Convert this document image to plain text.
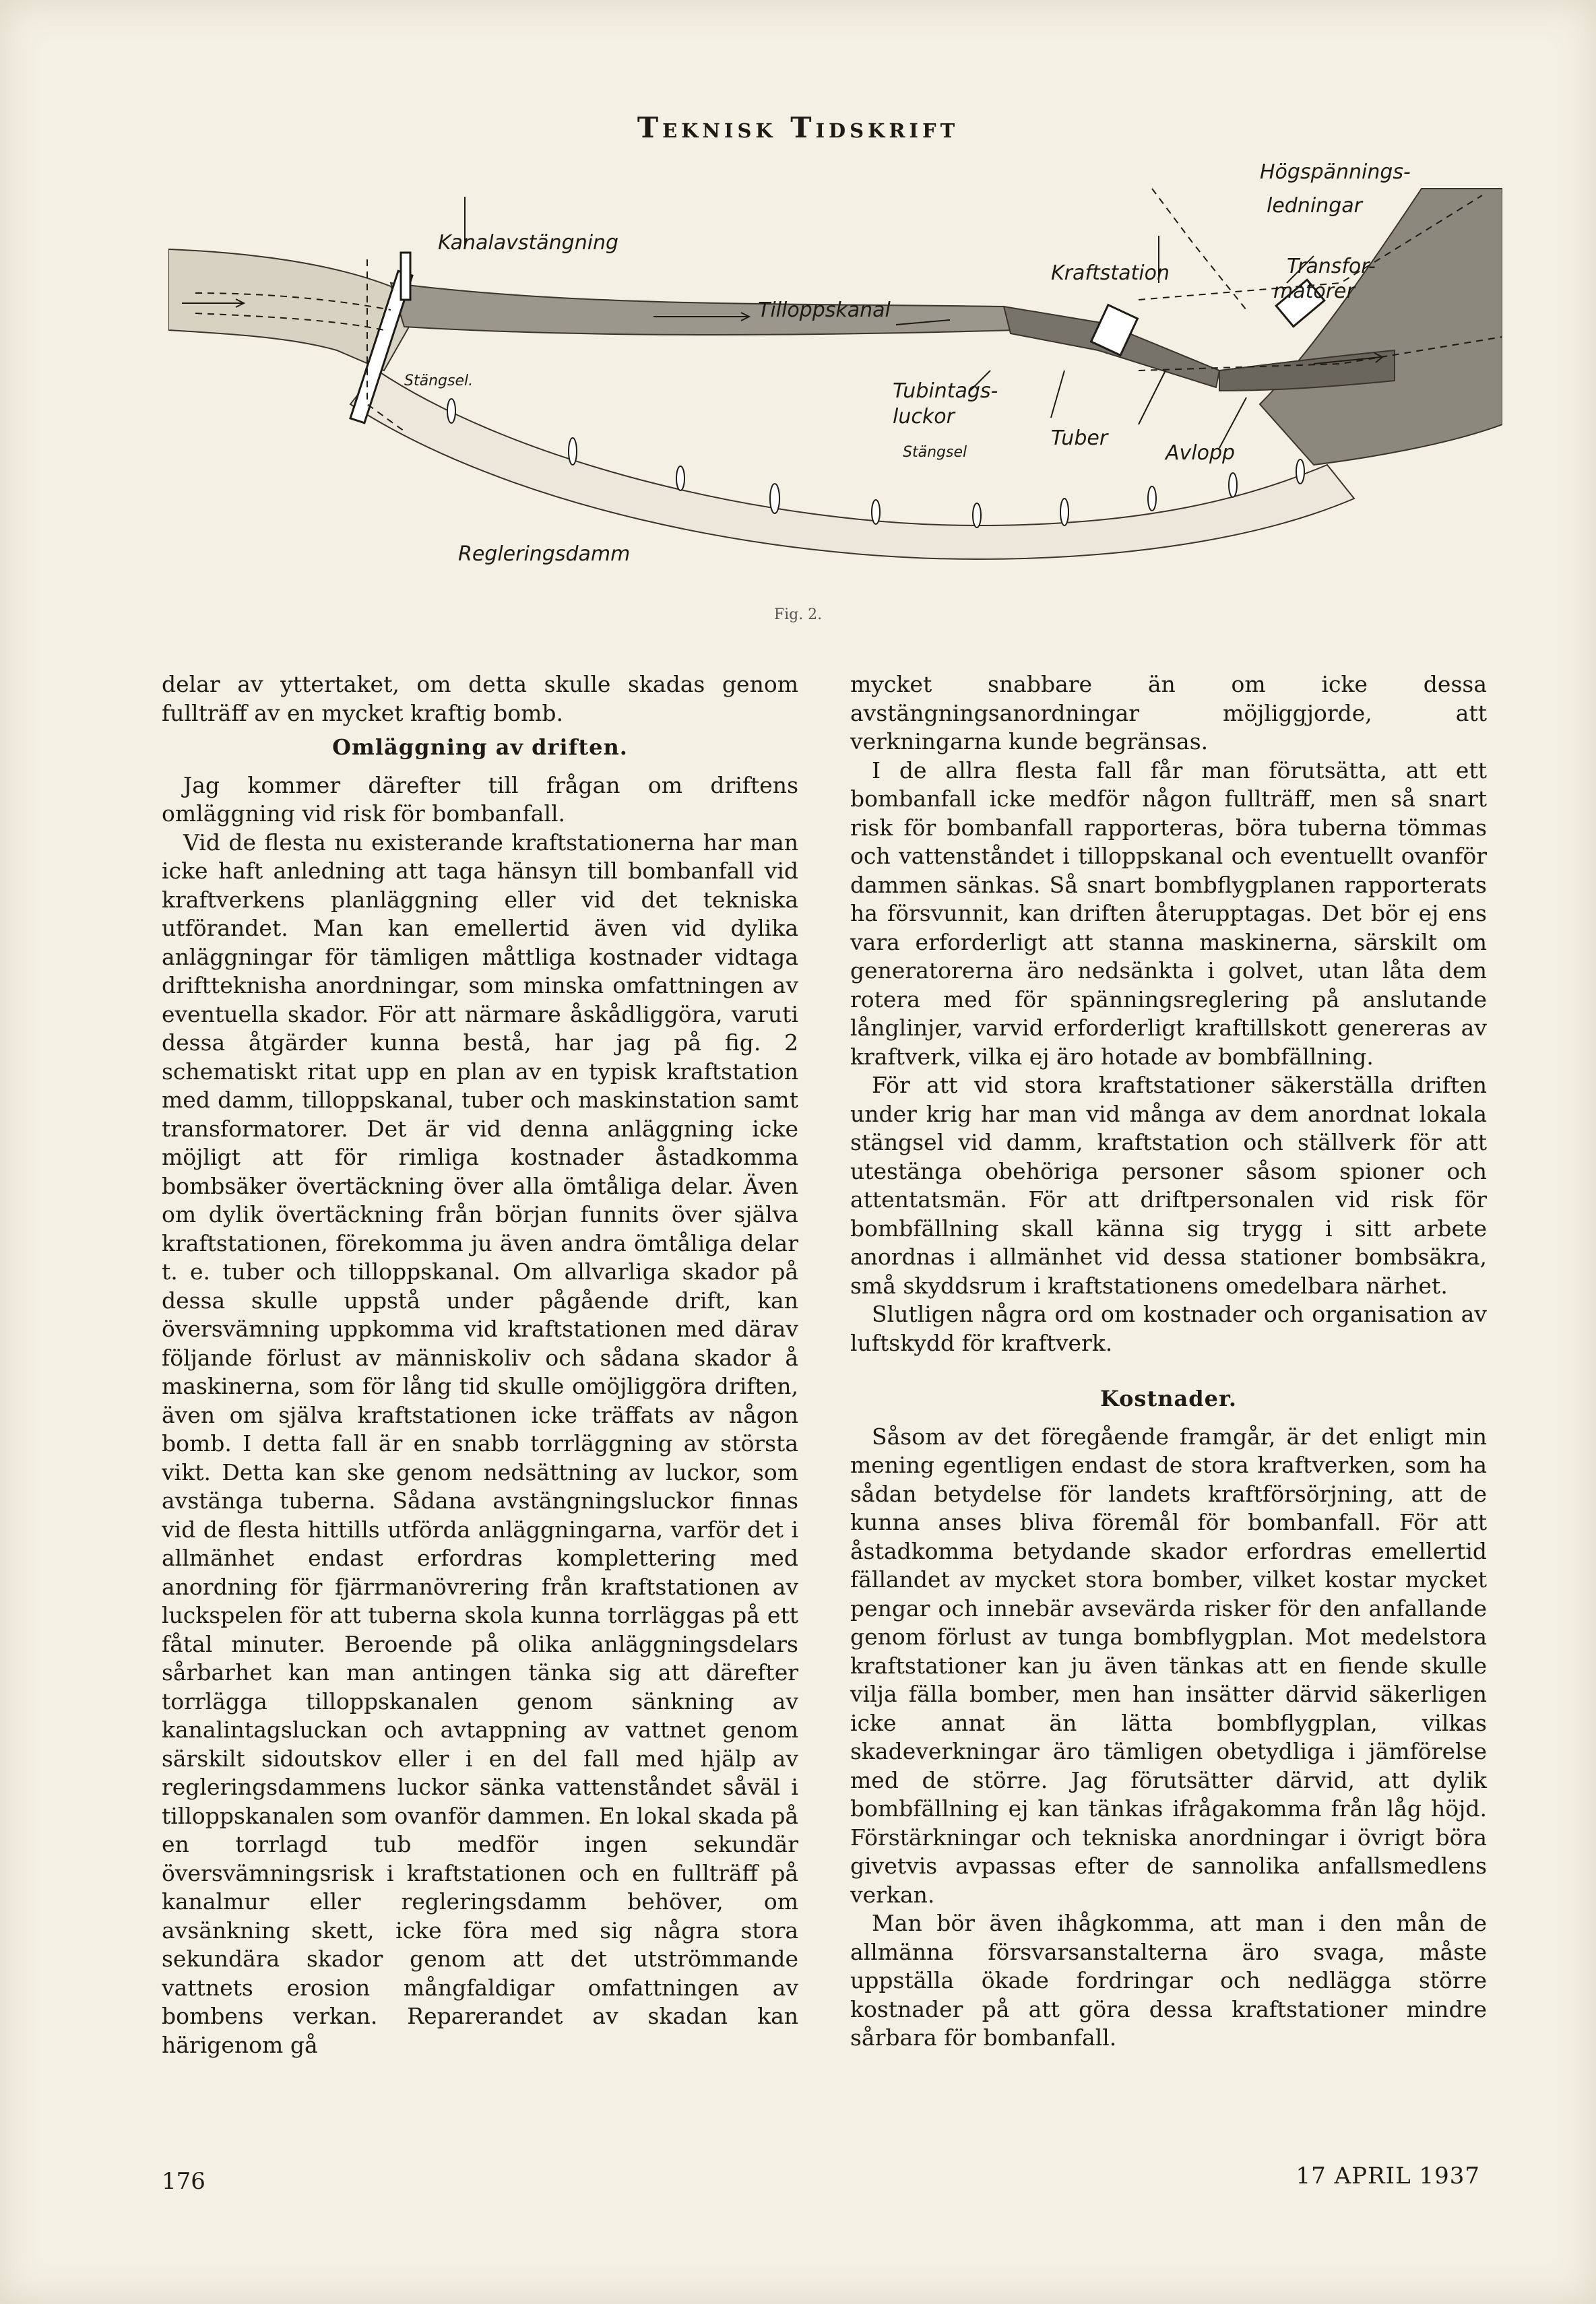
Teknisk Tidskrift
Kanalavstängning
Tilloppskanal
Stängsel.
Regleringsdamm
Kraftstation
Högspännings-
ledningar
Transfor-
matorer
Tubintags-
luckor
Stängsel
Tuber
Avlopp
Fig. 2.

delar av yttertaket, om detta skulle skadas genom fullträff av en mycket kraftig bomb.

Omläggning av driften.

Jag kommer därefter till frågan om driftens omläggning vid risk för bombanfall.

Vid de flesta nu existerande kraftstationerna har man icke haft anledning att taga hänsyn till bombanfall vid kraftverkens planläggning eller vid det tekniska utförandet. Man kan emellertid även vid dylika anläggningar för tämligen måttliga kostnader vidtaga driftteknisha anordningar, som minska omfattningen av eventuella skador. För att närmare åskådliggöra, varuti dessa åtgärder kunna bestå, har jag på fig. 2 schematiskt ritat upp en plan av en typisk kraftstation med damm, tilloppskanal, tuber och maskinstation samt transformatorer. Det är vid denna anläggning icke möjligt att för rimliga kostnader åstadkomma bombsäker övertäckning över alla ömtåliga delar. Även om dylik övertäckning från början funnits över själva kraftstationen, förekomma ju även andra ömtåliga delar t. e. tuber och tilloppskanal. Om allvarliga skador på dessa skulle uppstå under pågående drift, kan översvämning uppkomma vid kraftstationen med därav följande förlust av människoliv och sådana skador å maskinerna, som för lång tid skulle omöjliggöra driften, även om själva kraftstationen icke träffats av någon bomb. I detta fall är en snabb torrläggning av största vikt. Detta kan ske genom nedsättning av luckor, som avstänga tuberna. Sådana avstängningsluckor finnas vid de flesta hittills utförda anläggningarna, varför det i allmänhet endast erfordras komplettering med anordning för fjärrmanövrering från kraftstationen av luckspelen för att tuberna skola kunna torrläggas på ett fåtal minuter. Beroende på olika anläggningsdelars sårbarhet kan man antingen tänka sig att därefter torrlägga tilloppskanalen genom sänkning av kanalintagsluckan och avtappning av vattnet genom särskilt sidoutskov eller i en del fall med hjälp av regleringsdammens luckor sänka vattenståndet såväl i tilloppskanalen som ovanför dammen. En lokal skada på en torrlagd tub medför ingen sekundär översvämningsrisk i kraftstationen och en fullträff på kanalmur eller regleringsdamm behöver, om avsänkning skett, icke föra med sig några stora sekundära skador genom att det utströmmande vattnets erosion mångfaldigar omfattningen av bombens verkan. Reparerandet av skadan kan härigenom gå

mycket snabbare än om icke dessa avstängningsanordningar möjliggjorde, att verkningarna kunde begränsas.

I de allra flesta fall får man förutsätta, att ett bombanfall icke medför någon fullträff, men så snart risk för bombanfall rapporteras, böra tuberna tömmas och vattenståndet i tilloppskanal och eventuellt ovanför dammen sänkas. Så snart bombflygplanen rapporterats ha försvunnit, kan driften återupptagas. Det bör ej ens vara erforderligt att stanna maskinerna, särskilt om generatorerna äro nedsänkta i golvet, utan låta dem rotera med för spänningsreglering på anslutande långlinjer, varvid erforderligt kraftillskott genereras av kraftverk, vilka ej äro hotade av bombfällning.

För att vid stora kraftstationer säkerställa driften under krig har man vid många av dem anordnat lokala stängsel vid damm, kraftstation och ställverk för att utestänga obehöriga personer såsom spioner och attentatsmän. För att driftpersonalen vid risk för bombfällning skall känna sig trygg i sitt arbete anordnas i allmänhet vid dessa stationer bombsäkra, små skyddsrum i kraftstationens omedelbara närhet.

Slutligen några ord om kostnader och organisation av luftskydd för kraftverk.

Kostnader.

Såsom av det föregående framgår, är det enligt min mening egentligen endast de stora kraftverken, som ha sådan betydelse för landets kraftförsörjning, att de kunna anses bliva föremål för bombanfall. För att åstadkomma betydande skador erfordras emellertid fällandet av mycket stora bomber, vilket kostar mycket pengar och innebär avsevärda risker för den anfallande genom förlust av tunga bombflygplan. Mot medelstora kraftstationer kan ju även tänkas att en fiende skulle vilja fälla bomber, men han insätter därvid säkerligen icke annat än lätta bombflygplan, vilkas skadeverkningar äro tämligen obetydliga i jämförelse med de större. Jag förutsätter därvid, att dylik bombfällning ej kan tänkas ifrågakomma från låg höjd. Förstärkningar och tekniska anordningar i övrigt böra givetvis avpassas efter de sannolika anfallsmedlens verkan.

Man bör även ihågkomma, att man i den mån de allmänna försvarsanstalterna äro svaga, måste uppställa ökade fordringar och nedlägga större kostnader på att göra dessa kraftstationer mindre sårbara för bombanfall.

176	17 APRIL 1937
